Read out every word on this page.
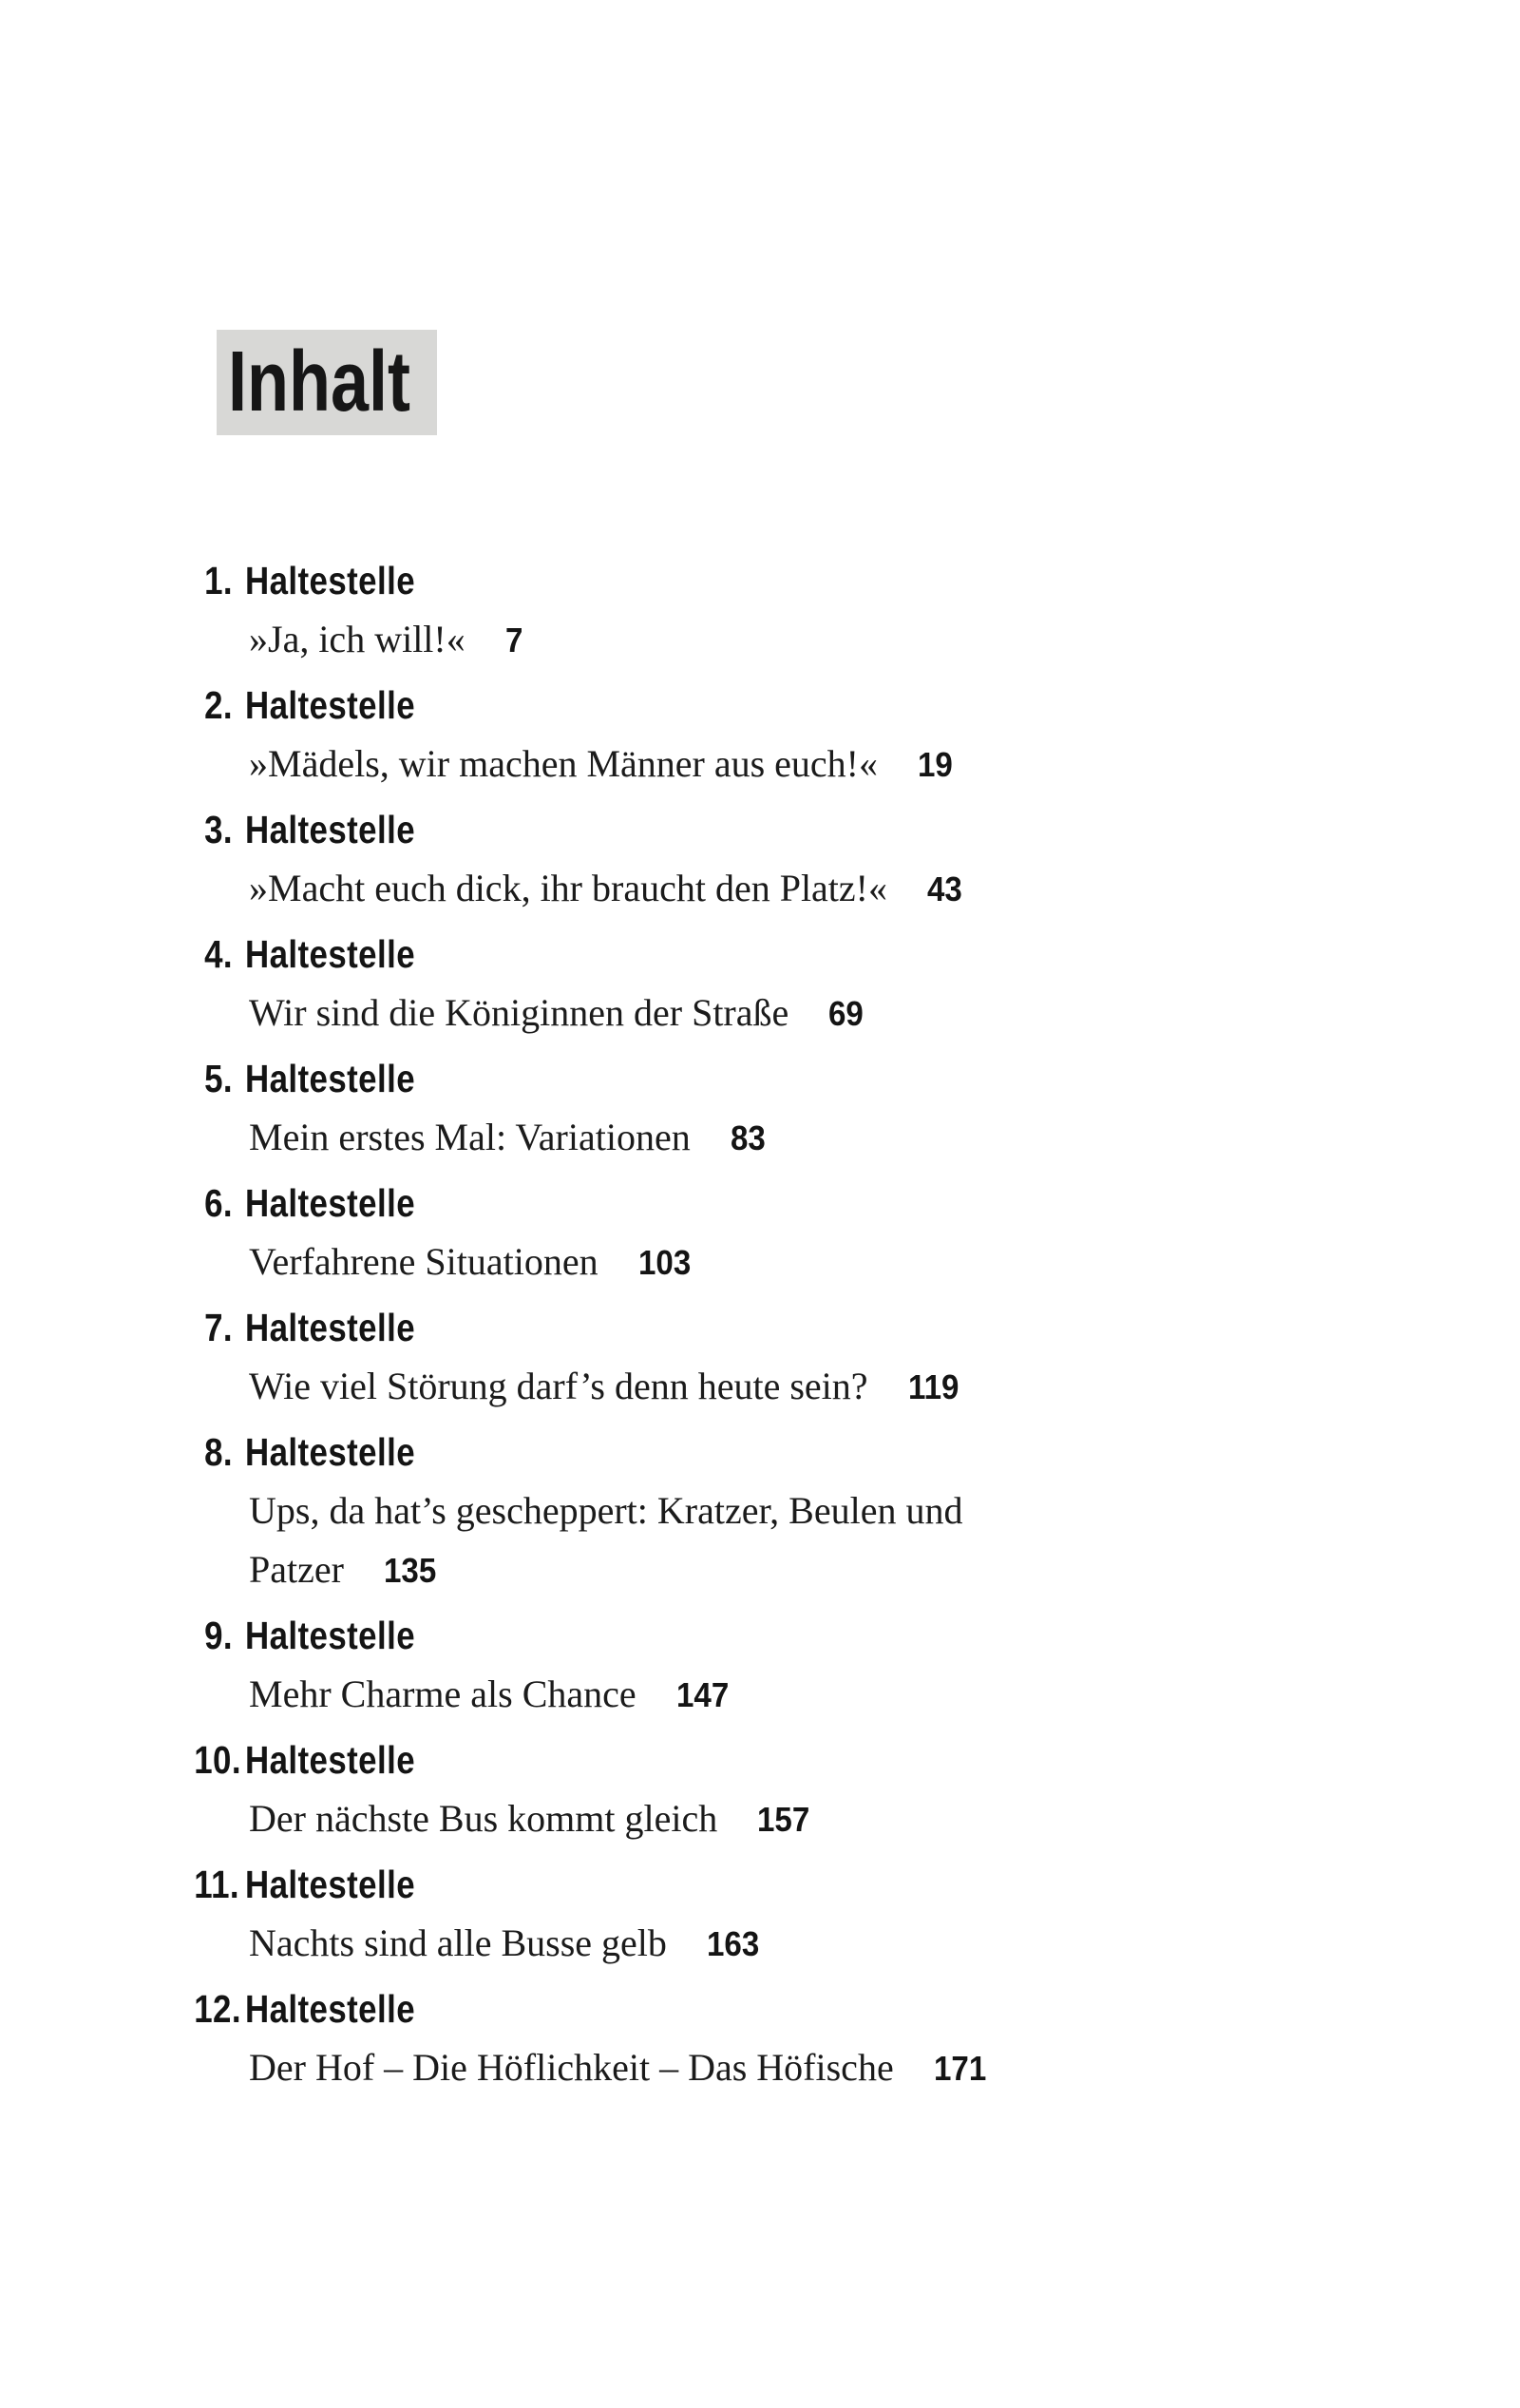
Inhalt
1. Haltestelle
»Ja, ich will!« 7
2. Haltestelle
»Mädels, wir machen Männer aus euch!« 19
3. Haltestelle
»Macht euch dick, ihr braucht den Platz!« 43
4. Haltestelle
Wir sind die Königinnen der Straße 69
5. Haltestelle
Mein erstes Mal: Variationen 83
6. Haltestelle
Verfahrene Situationen 103
7. Haltestelle
Wie viel Störung darf’s denn heute sein? 119
8. Haltestelle
Ups, da hat’s gescheppert: Kratzer, Beulen und
Patzer 135
9. Haltestelle
Mehr Charme als Chance 147
10.Haltestelle
Der nächste Bus kommt gleich 157
11. Haltestelle
Nachts sind alle Busse gelb 163
12.Haltestelle
Der Hof – Die Höflichkeit – Das Höfische 171
